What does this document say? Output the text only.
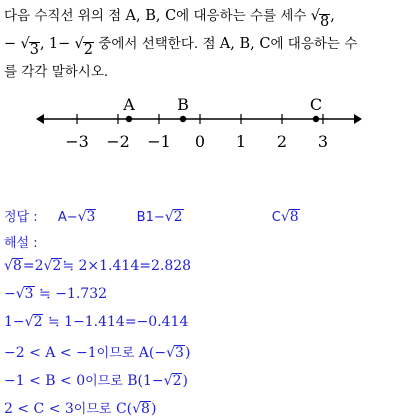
다음 수직선 위의 점 A, B, C에 대응하는 수를 세수 √ 8 ,
− √ 3 , 1− √ 2 중에서 선택한다. 점 A, B, C에 대응하는 수
를 각각 말하시오.
−3 −2 −1 0 1 2 3
A	B	C
정답 : A− √ 3	B1− √ 2	C √ 8
해설 :
√ 8 =2 √ 2 ≒ 2×1.414=2.828
− √ 3 ≒ −1.732
1− √ 2 ≒ 1−1.414=−0.414
−2 < A < −1이므로 A(− √ 3 )
−1 < B < 0이므로 B(1− √ 2 )
2 < C < 3이므로 C( √ 8 )
